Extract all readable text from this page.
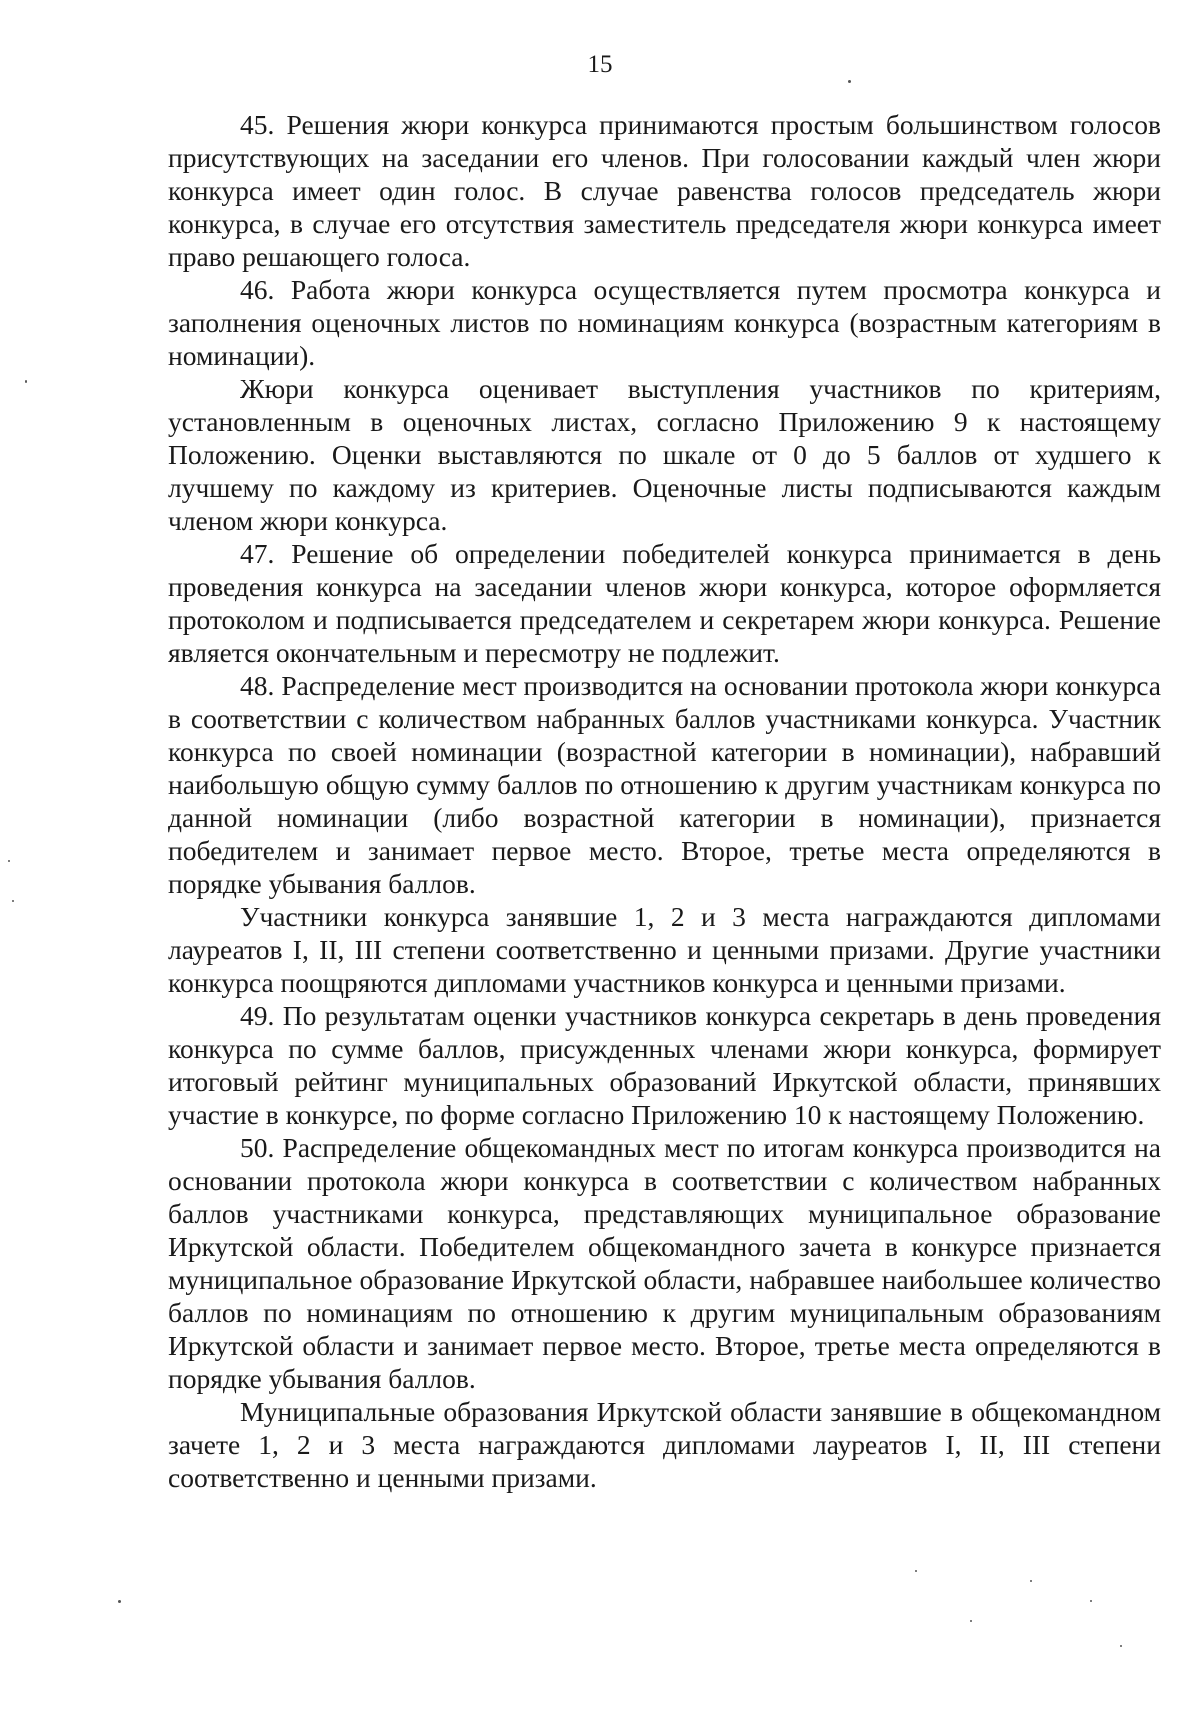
15

45. Решения жюри конкурса принимаются простым большинством голосов присутствующих на заседании его членов. При голосовании каждый член жюри конкурса имеет один голос. В случае равенства голосов председатель жюри конкурса, в случае его отсутствия заместитель председателя жюри конкурса имеет право решающего голоса.

46. Работа жюри конкурса осуществляется путем просмотра конкурса и заполнения оценочных листов по номинациям конкурса (возрастным категориям в номинации).

Жюри конкурса оценивает выступления участников по критериям, установленным в оценочных листах, согласно Приложению 9 к настоящему Положению. Оценки выставляются по шкале от 0 до 5 баллов от худшего к лучшему по каждому из критериев. Оценочные листы подписываются каждым членом жюри конкурса.

47. Решение об определении победителей конкурса принимается в день проведения конкурса на заседании членов жюри конкурса, которое оформляется протоколом и подписывается председателем и секретарем жюри конкурса. Решение является окончательным и пересмотру не подлежит.

48. Распределение мест производится на основании протокола жюри конкурса в соответствии с количеством набранных баллов участниками конкурса. Участник конкурса по своей номинации (возрастной категории в номинации), набравший наибольшую общую сумму баллов по отношению к другим участникам конкурса по данной номинации (либо возрастной категории в номинации), признается победителем и занимает первое место. Второе, третье места определяются в порядке убывания баллов.

Участники конкурса занявшие 1, 2 и 3 места награждаются дипломами лауреатов I, II, III степени соответственно и ценными призами. Другие участники конкурса поощряются дипломами участников конкурса и ценными призами.

49. По результатам оценки участников конкурса секретарь в день проведения конкурса по сумме баллов, присужденных членами жюри конкурса, формирует итоговый рейтинг муниципальных образований Иркутской области, принявших участие в конкурсе, по форме согласно Приложению 10 к настоящему Положению.

50. Распределение общекомандных мест по итогам конкурса производится на основании протокола жюри конкурса в соответствии с количеством набранных баллов участниками конкурса, представляющих муниципальное образование Иркутской области. Победителем общекомандного зачета в конкурсе признается муниципальное образование Иркутской области, набравшее наибольшее количество баллов по номинациям по отношению к другим муниципальным образованиям Иркутской области и занимает первое место. Второе, третье места определяются в порядке убывания баллов.

Муниципальные образования Иркутской области занявшие в общекомандном зачете 1, 2 и 3 места награждаются дипломами лауреатов I, II, III степени соответственно и ценными призами.
